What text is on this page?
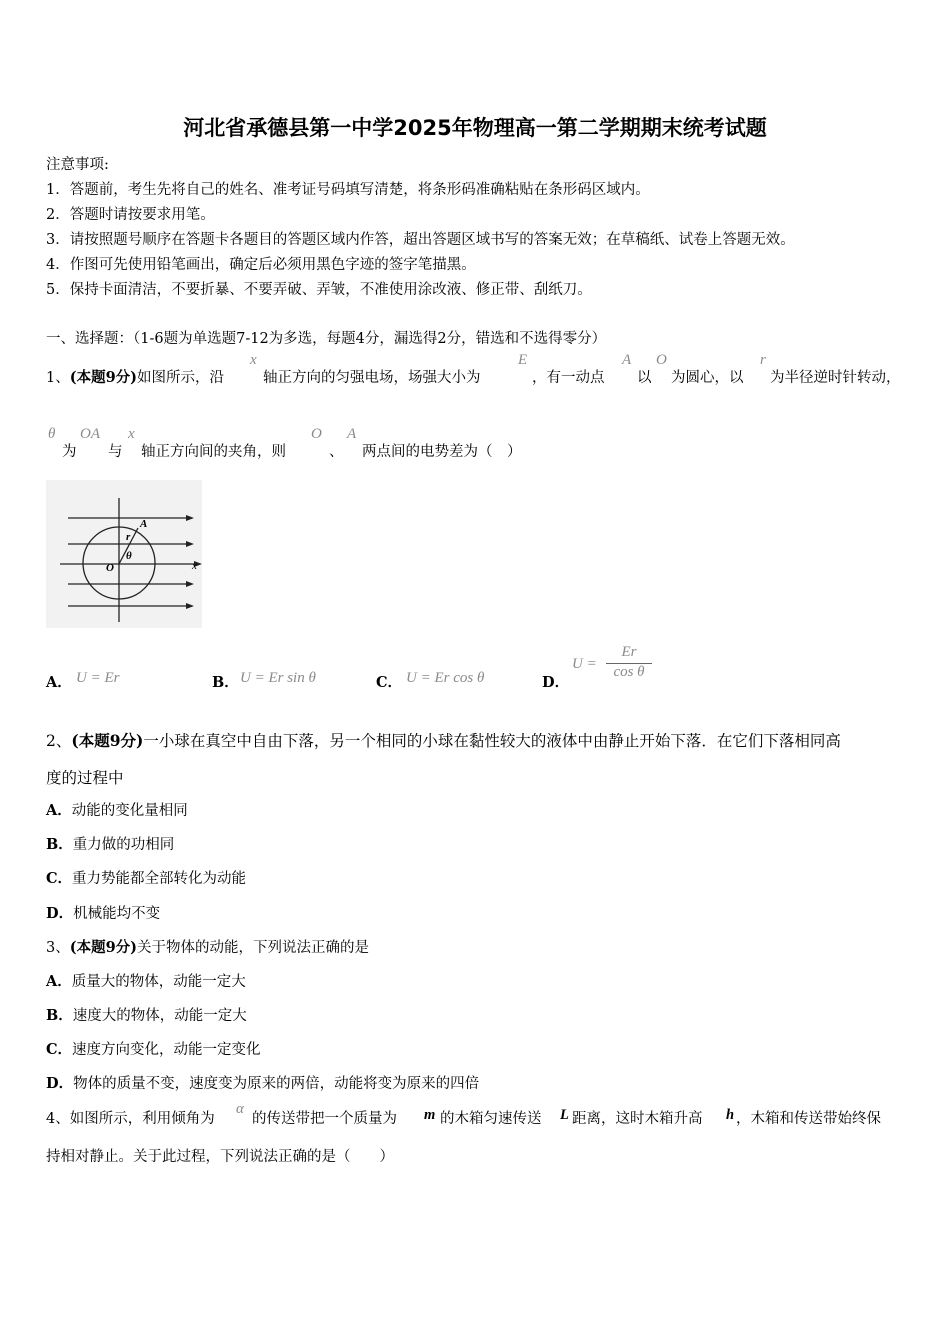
河北省承德县第一中学2025年物理高一第二学期期末统考试题
注意事项:
1．答题前，考生先将自己的姓名、准考证号码填写清楚，将条形码准确粘贴在条形码区域内。
2．答题时请按要求用笔。
3．请按照题号顺序在答题卡各题目的答题区域内作答，超出答题区域书写的答案无效；在草稿纸、试卷上答题无效。
4．作图可先使用铅笔画出，确定后必须用黑色字迹的签字笔描黑。
5．保持卡面清洁，不要折暴、不要弄破、弄皱，不准使用涂改液、修正带、刮纸刀。
一、选择题：（1-6题为单选题7-12为多选，每题4分，漏选得2分，错选和不选得零分）
1、(本题9分)如图所示，沿
x
轴正方向的匀强电场，场强大小为
E
，有一动点
A
以
O
为圆心，以
r
为半径逆时针转动，
θ
为
OA
与
x
轴正方向间的夹角，则
O
、
A
两点间的电势差为（　）
r
A
O
θ
x
A． U = Er	B． U = Er sin θ	C． U = Er cos θ	D．
U =
Er
cos θ
2、(本题9分)一小球在真空中自由下落，另一个相同的小球在黏性较大的液体中由静止开始下落．在它们下落相同高
度的过程中
A．动能的变化量相同
B．重力做的功相同
C．重力势能都全部转化为动能
D．机械能均不变
3、(本题9分)关于物体的动能，下列说法正确的是
A．质量大的物体，动能一定大
B．速度大的物体，动能一定大
C．速度方向变化，动能一定变化
D．物体的质量不变，速度变为原来的两倍，动能将变为原来的四倍
4、如图所示，利用倾角为
α
的传送带把一个质量为 m 的木箱匀速传送 L 距离，这时木箱升高 h ，木箱和传送带始终保
持相对静止。关于此过程，下列说法正确的是（　　）
